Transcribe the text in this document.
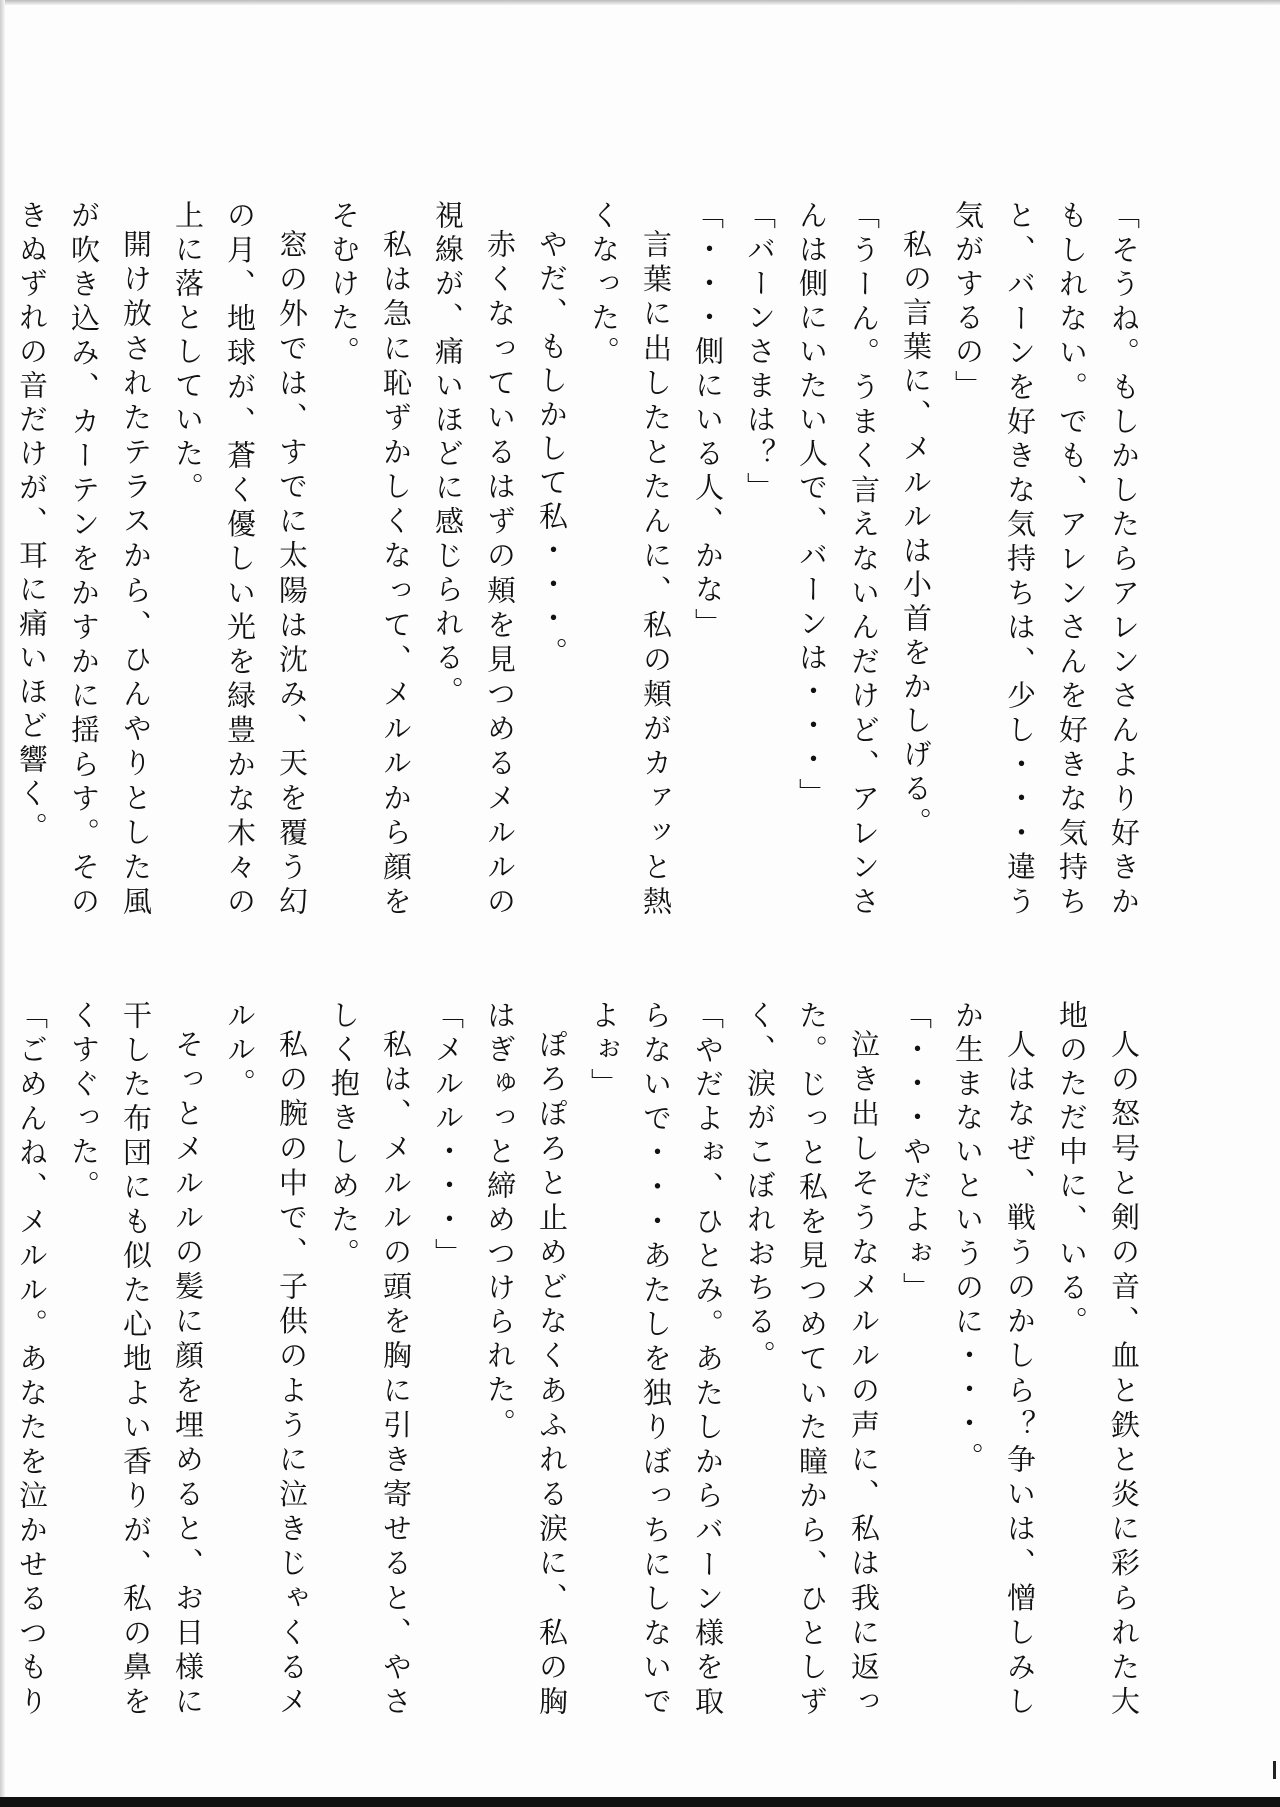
「そうね。もしかしたらアレンさんより好きかもしれない。でも、アレンさんを好きな気持ちと、バーンを好きな気持ちは、少し・・・違う気がするの」

私の言葉に、メルルは小首をかしげる。

「うーん。うまく言えないんだけど、アレンさんは側にいたい人で、バーンは・・・」

「バーンさまは？」

「・・・側にいる人、かな」

言葉に出したとたんに、私の頬がカァッと熱くなった。

やだ、もしかして私・・・。

赤くなっているはずの頬を見つめるメルルの視線が、痛いほどに感じられる。

私は急に恥ずかしくなって、メルルから顔をそむけた。

窓の外では、すでに太陽は沈み、天を覆う幻の月、地球が、蒼く優しい光を緑豊かな木々の上に落としていた。

開け放されたテラスから、ひんやりとした風が吹き込み、カーテンをかすかに揺らす。そのきぬずれの音だけが、耳に痛いほど響く。

人の怒号と剣の音、血と鉄と炎に彩られた大地のただ中に、いる。

人はなぜ、戦うのかしら？争いは、憎しみしか生まないというのに・・・。

「・・・やだよぉ」

泣き出しそうなメルルの声に、私は我に返った。じっと私を見つめていた瞳から、ひとしずく、涙がこぼれおちる。

「やだよぉ、ひとみ。あたしからバーン様を取らないで・・・あたしを独りぼっちにしないでよぉ」

ぽろぽろと止めどなくあふれる涙に、私の胸はぎゅっと締めつけられた。

「メルル・・・」

私は、メルルの頭を胸に引き寄せると、やさしく抱きしめた。

私の腕の中で、子供のように泣きじゃくるメルル。

そっとメルルの髪に顔を埋めると、お日様に干した布団にも似た心地よい香りが、私の鼻をくすぐった。

「ごめんね、メルル。あなたを泣かせるつもり
